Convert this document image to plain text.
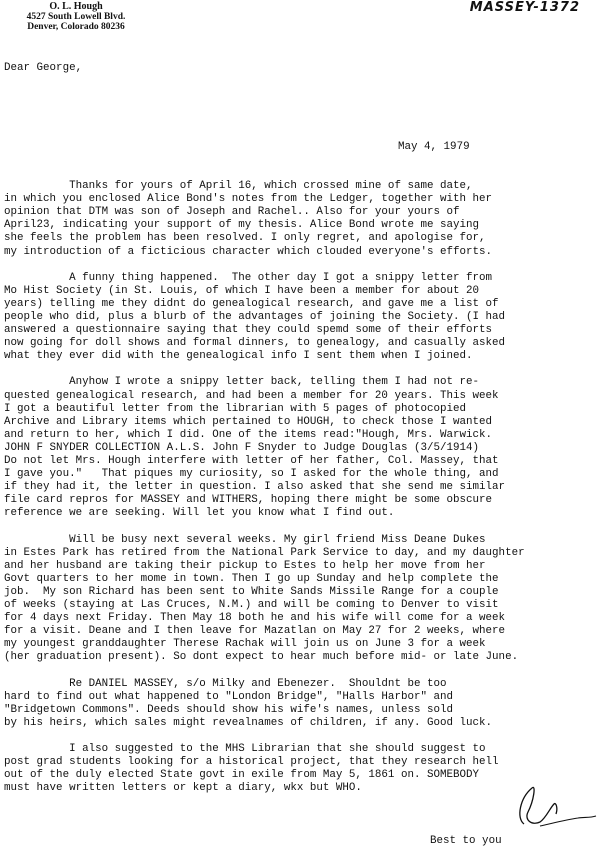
O. L. Hough
4527 South Lowell Blvd.
Denver, Colorado 80236
MASSEY-1372

Dear George,

May 4, 1979

Thanks for yours of April 16, which crossed mine of same date,
in which you enclosed Alice Bond's notes from the Ledger, together with her
opinion that DTM was son of Joseph and Rachel.. Also for your yours of
April23, indicating your support of my thesis. Alice Bond wrote me saying
she feels the problem has been resolved. I only regret, and apologise for,
my introduction of a ficticious character which clouded everyone's efforts.
A funny thing happened.  The other day I got a snippy letter from
Mo Hist Society (in St. Louis, of which I have been a member for about 20
years) telling me they didnt do genealogical research, and gave me a list of
people who did, plus a blurb of the advantages of joining the Society. (I had
answered a questionnaire saying that they could spemd some of their efforts
now going for doll shows and formal dinners, to genealogy, and casually asked
what they ever did with the genealogical info I sent them when I joined.
Anyhow I wrote a snippy letter back, telling them I had not re-
quested genealogical research, and had been a member for 20 years. This week
I got a beautiful letter from the librarian with 5 pages of photocopied
Archive and Library items which pertained to HOUGH, to check those I wanted
and return to her, which I did. One of the items read:"Hough, Mrs. Warwick.
JOHN F SNYDER COLLECTION A.L.S. John F Snyder to Judge Douglas (3/5/1914)
Do not let Mrs. Hough interfere with letter of her father, Col. Massey, that
I gave you."   That piques my curiosity, so I asked for the whole thing, and
if they had it, the letter in question. I also asked that she send me similar
file card repros for MASSEY and WITHERS, hoping there might be some obscure
reference we are seeking. Will let you know what I find out.
Will be busy next several weeks. My girl friend Miss Deane Dukes
in Estes Park has retired from the National Park Service to day, and my daughter
and her husband are taking their pickup to Estes to help her move from her
Govt quarters to her mome in town. Then I go up Sunday and help complete the
job.  My son Richard has been sent to White Sands Missile Range for a couple
of weeks (staying at Las Cruces, N.M.) and will be coming to Denver to visit
for 4 days next Friday. Then May 18 both he and his wife will come for a week
for a visit. Deane and I then leave for Mazatlan on May 27 for 2 weeks, where
my youngest granddaughter Therese Rachak will join us on June 3 for a week
(her graduation present). So dont expect to hear much before mid- or late June.
Re DANIEL MASSEY, s/o Milky and Ebenezer.  Shouldnt be too
hard to find out what happened to "London Bridge", "Halls Harbor" and
"Bridgetown Commons". Deeds should show his wife's names, unless sold
by his heirs, which sales might revealnames of children, if any. Good luck.
I also suggested to the MHS Librarian that she should suggest to
post grad students looking for a historical project, that they research hell
out of the duly elected State govt in exile from May 5, 1861 on. SOMEBODY
must have written letters or kept a diary, wkx but WHO.

Best to you
